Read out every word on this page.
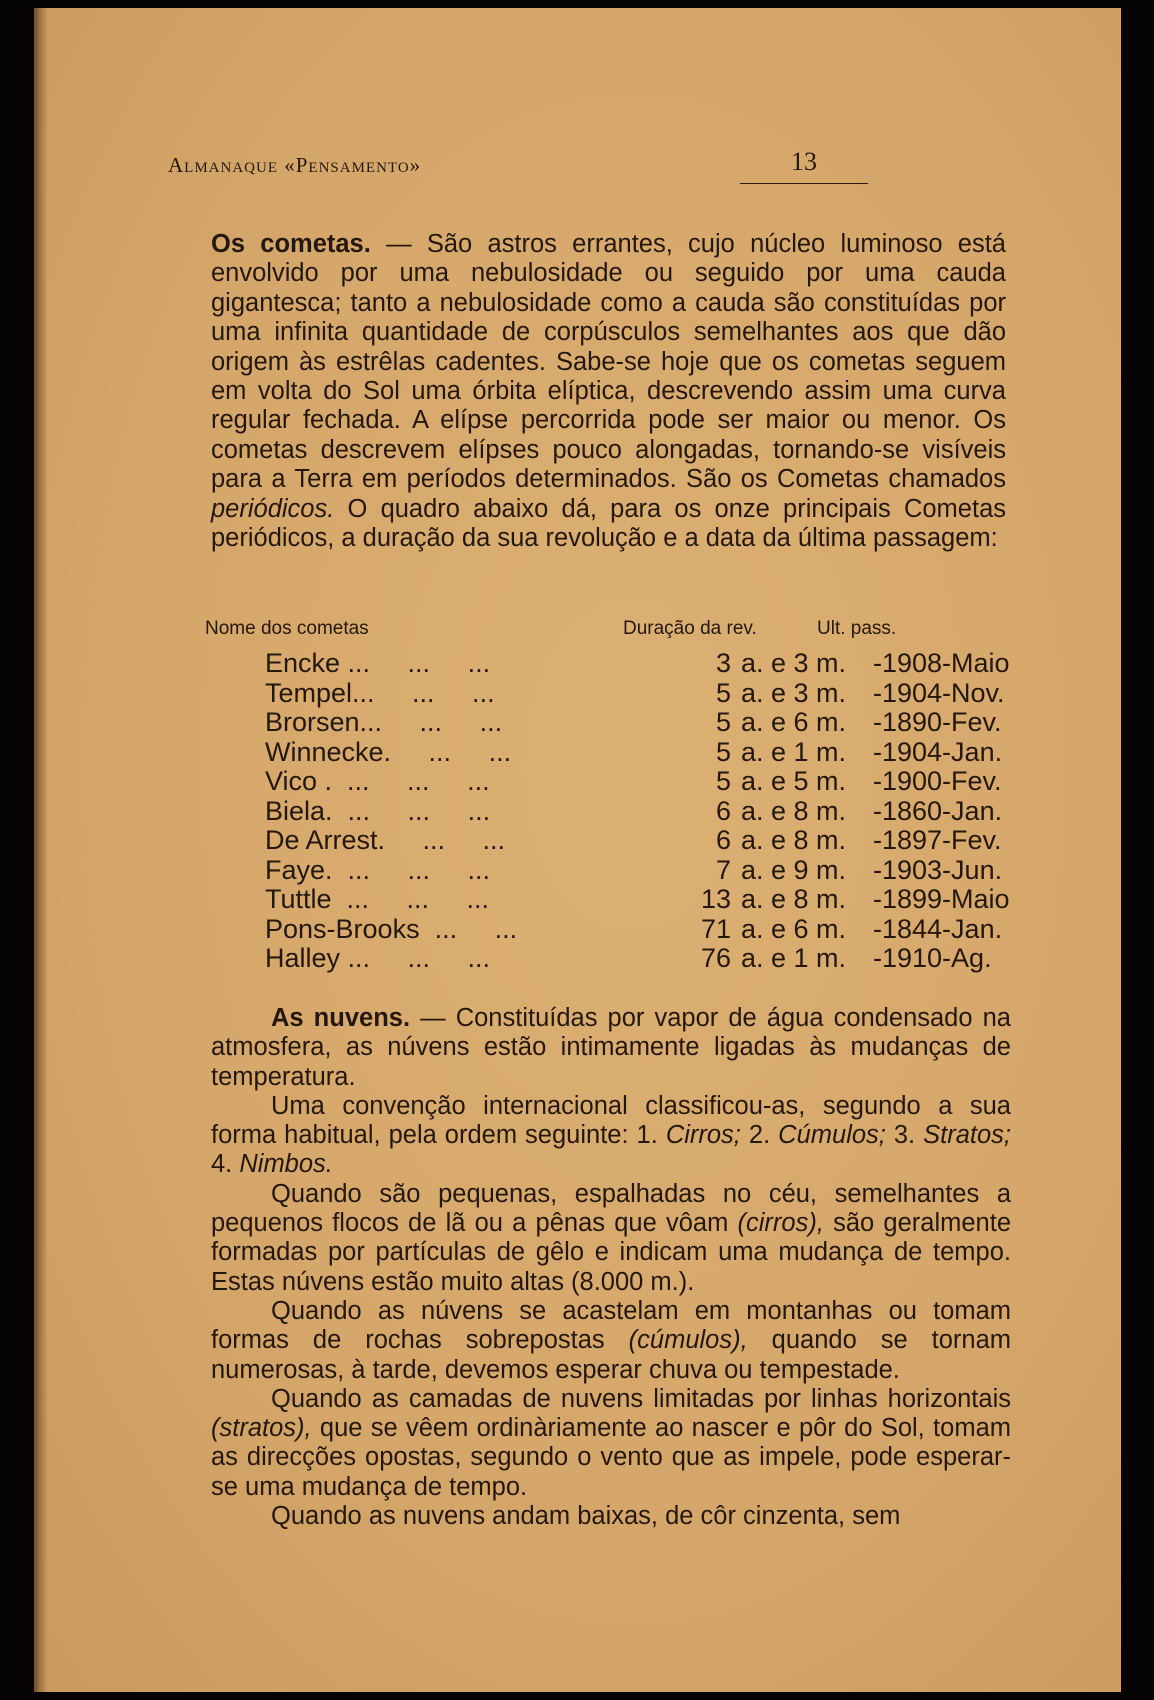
Almanaque «Pensamento»	13
Os cometas. — São astros errantes, cujo núcleo luminoso está envolvido por uma nebulosidade ou seguido por uma cauda gigantesca; tanto a nebulosidade como a cauda são constituídas por uma infinita quantidade de corpúsculos semelhantes aos que dão origem às estrêlas cadentes. Sabe-se hoje que os cometas seguem em volta do Sol uma órbita elíptica, descrevendo assim uma curva regular fechada. A elípse percorrida pode ser maior ou menor. Os cometas descrevem elípses pouco alongadas, tornando-se visíveis para a Terra em períodos determinados. São os Cometas chamados periódicos. O quadro abaixo dá, para os onze principais Cometas periódicos, a duração da sua revolução e a data da última passagem:
Nome dos cometas	Duração da rev.	Ult. pass.
Encke ...     ...     ...	3 a. e 3 m. -1908-Maio
Tempel...     ...     ...	5 a. e 3 m. -1904-Nov.
Brorsen...     ...     ...	5 a. e 6 m. -1890-Fev.
Winnecke.     ...     ...	5 a. e 1 m. -1904-Jan.
Vico .  ...     ...     ...	5 a. e 5 m. -1900-Fev.
Biela.  ...     ...     ...	6 a. e 8 m. -1860-Jan.
De Arrest.     ...     ...	6 a. e 8 m. -1897-Fev.
Faye.  ...     ...     ...	7 a. e 9 m. -1903-Jun.
Tuttle  ...     ...     ...	13 a. e 8 m. -1899-Maio
Pons-Brooks  ...     ...	71 a. e 6 m. -1844-Jan.
Halley ...     ...     ...	76 a. e 1 m. -1910-Ag.

As nuvens. — Constituídas por vapor de água condensado na atmosfera, as núvens estão intimamente ligadas às mudanças de temperatura.

Uma convenção internacional classificou-as, segundo a sua forma habitual, pela ordem seguinte: 1. Cirros; 2. Cúmulos; 3. Stratos; 4. Nimbos.

Quando são pequenas, espalhadas no céu, semelhantes a pequenos flocos de lã ou a pênas que vôam (cirros), são geralmente formadas por partículas de gêlo e indicam uma mudança de tempo. Estas núvens estão muito altas (8.000 m.).

Quando as núvens se acastelam em montanhas ou tomam formas de rochas sobrepostas (cúmulos), quando se tornam numerosas, à tarde, devemos esperar chuva ou tempestade.

Quando as camadas de nuvens limitadas por linhas horizontais (stratos), que se vêem ordinàriamente ao nascer e pôr do Sol, tomam as direcções opostas, segundo o vento que as impele, pode esperar-se uma mudança de tempo.

Quando as nuvens andam baixas, de côr cinzenta, sem
